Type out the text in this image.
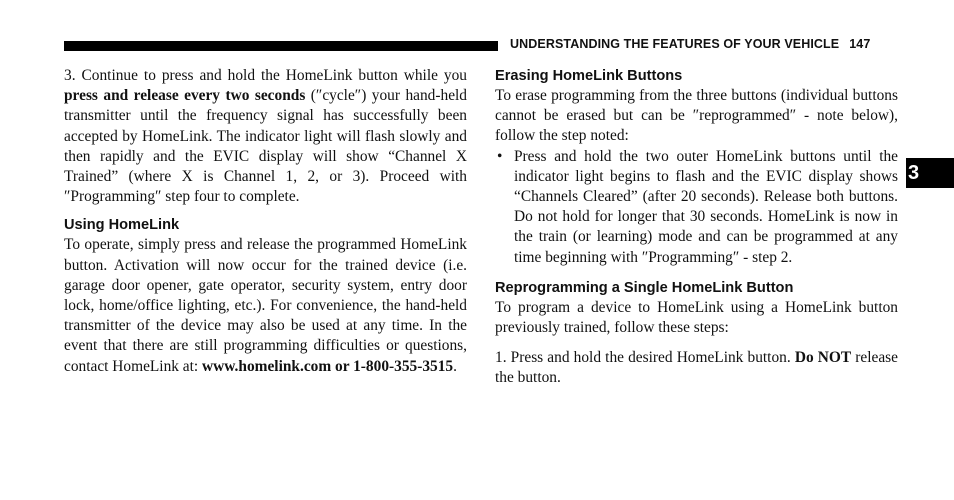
UNDERSTANDING THE FEATURES OF YOUR VEHICLE 147
3

3. Continue to press and hold the HomeLink button while you press and release every two seconds (″cycle″) your hand-held transmitter until the frequency signal has successfully been accepted by HomeLink. The indicator light will flash slowly and then rapidly and the EVIC display will show “Channel X Trained” (where X is Channel 1, 2, or 3). Proceed with ″Programming″ step four to complete.

Using HomeLink

To operate, simply press and release the programmed HomeLink button. Activation will now occur for the trained device (i.e. garage door opener, gate operator, security system, entry door lock, home/office lighting, etc.). For convenience, the hand-held transmitter of the device may also be used at any time. In the event that there are still programming difficulties or questions, contact HomeLink at: www.homelink.com or 1-800-355-3515.

Erasing HomeLink Buttons

To erase programming from the three buttons (individual buttons cannot be erased but can be ″reprogrammed″ - note below), follow the step noted:

• Press and hold the two outer HomeLink buttons until the indicator light begins to flash and the EVIC display shows “Channels Cleared” (after 20 seconds). Release both buttons. Do not hold for longer that 30 seconds. HomeLink is now in the train (or learning) mode and can be programmed at any time beginning with ″Programming″ - step 2.
Reprogramming a Single HomeLink Button

To program a device to HomeLink using a HomeLink button previously trained, follow these steps:

1. Press and hold the desired HomeLink button. Do NOT release the button.
